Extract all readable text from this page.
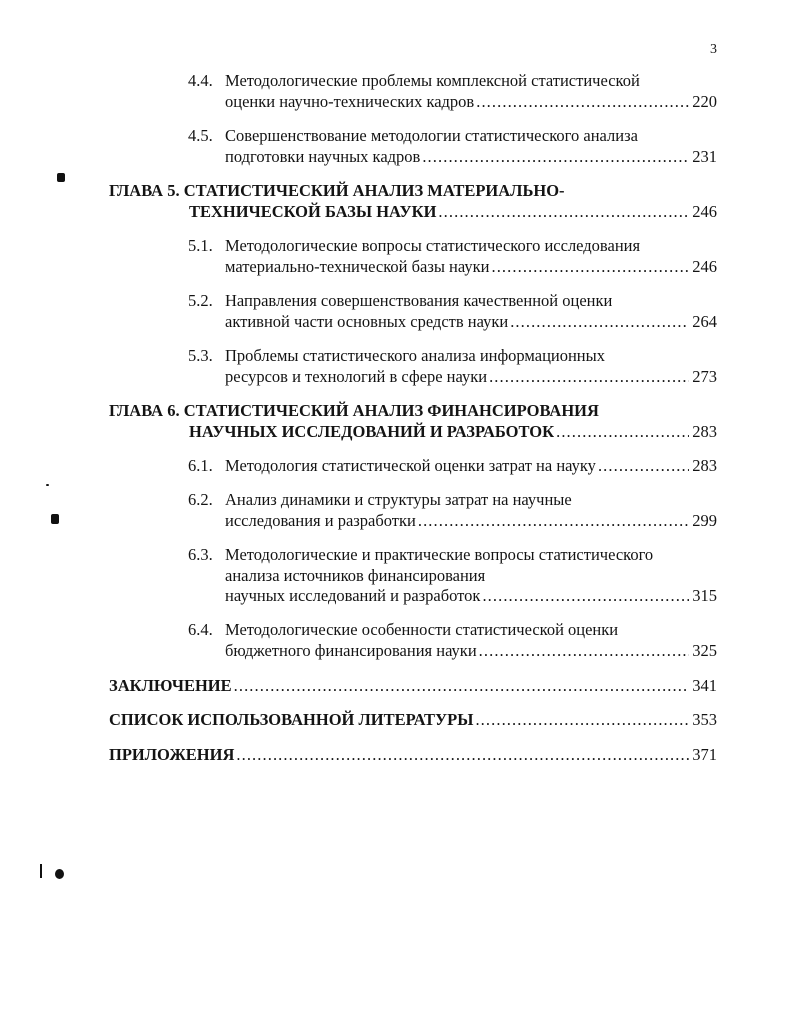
3
4.4. Методологические проблемы комплексной статистической
оценки научно-технических кадров .....	220
4.5. Совершенствование методологии статистического анализа
подготовки научных кадров .....	231
ГЛАВА 5. СТАТИСТИЧЕСКИЙ АНАЛИЗ МАТЕРИАЛЬНО-
ТЕХНИЧЕСКОЙ БАЗЫ НАУКИ .....	246
5.1. Методологические вопросы статистического исследования
материально-технической базы науки .....	246
5.2. Направления совершенствования качественной оценки
активной части основных средств науки .....	264
5.3. Проблемы статистического анализа информационных
ресурсов и технологий в сфере науки .....	273
ГЛАВА 6. СТАТИСТИЧЕСКИЙ АНАЛИЗ ФИНАНСИРОВАНИЯ
НАУЧНЫХ ИССЛЕДОВАНИЙ И РАЗРАБОТОК .....	283
6.1. Методология статистической оценки затрат на науку .....	283
6.2. Анализ динамики и структуры затрат на научные
исследования и разработки .....	299
6.3. Методологические и практические вопросы статистического
анализа источников финансирования
научных исследований и разработок .....	315
6.4. Методологические особенности статистической оценки
бюджетного финансирования науки .....	325
ЗАКЛЮЧЕНИЕ .....	341
СПИСОК ИСПОЛЬЗОВАННОЙ ЛИТЕРАТУРЫ .....	353
ПРИЛОЖЕНИЯ .....	371
